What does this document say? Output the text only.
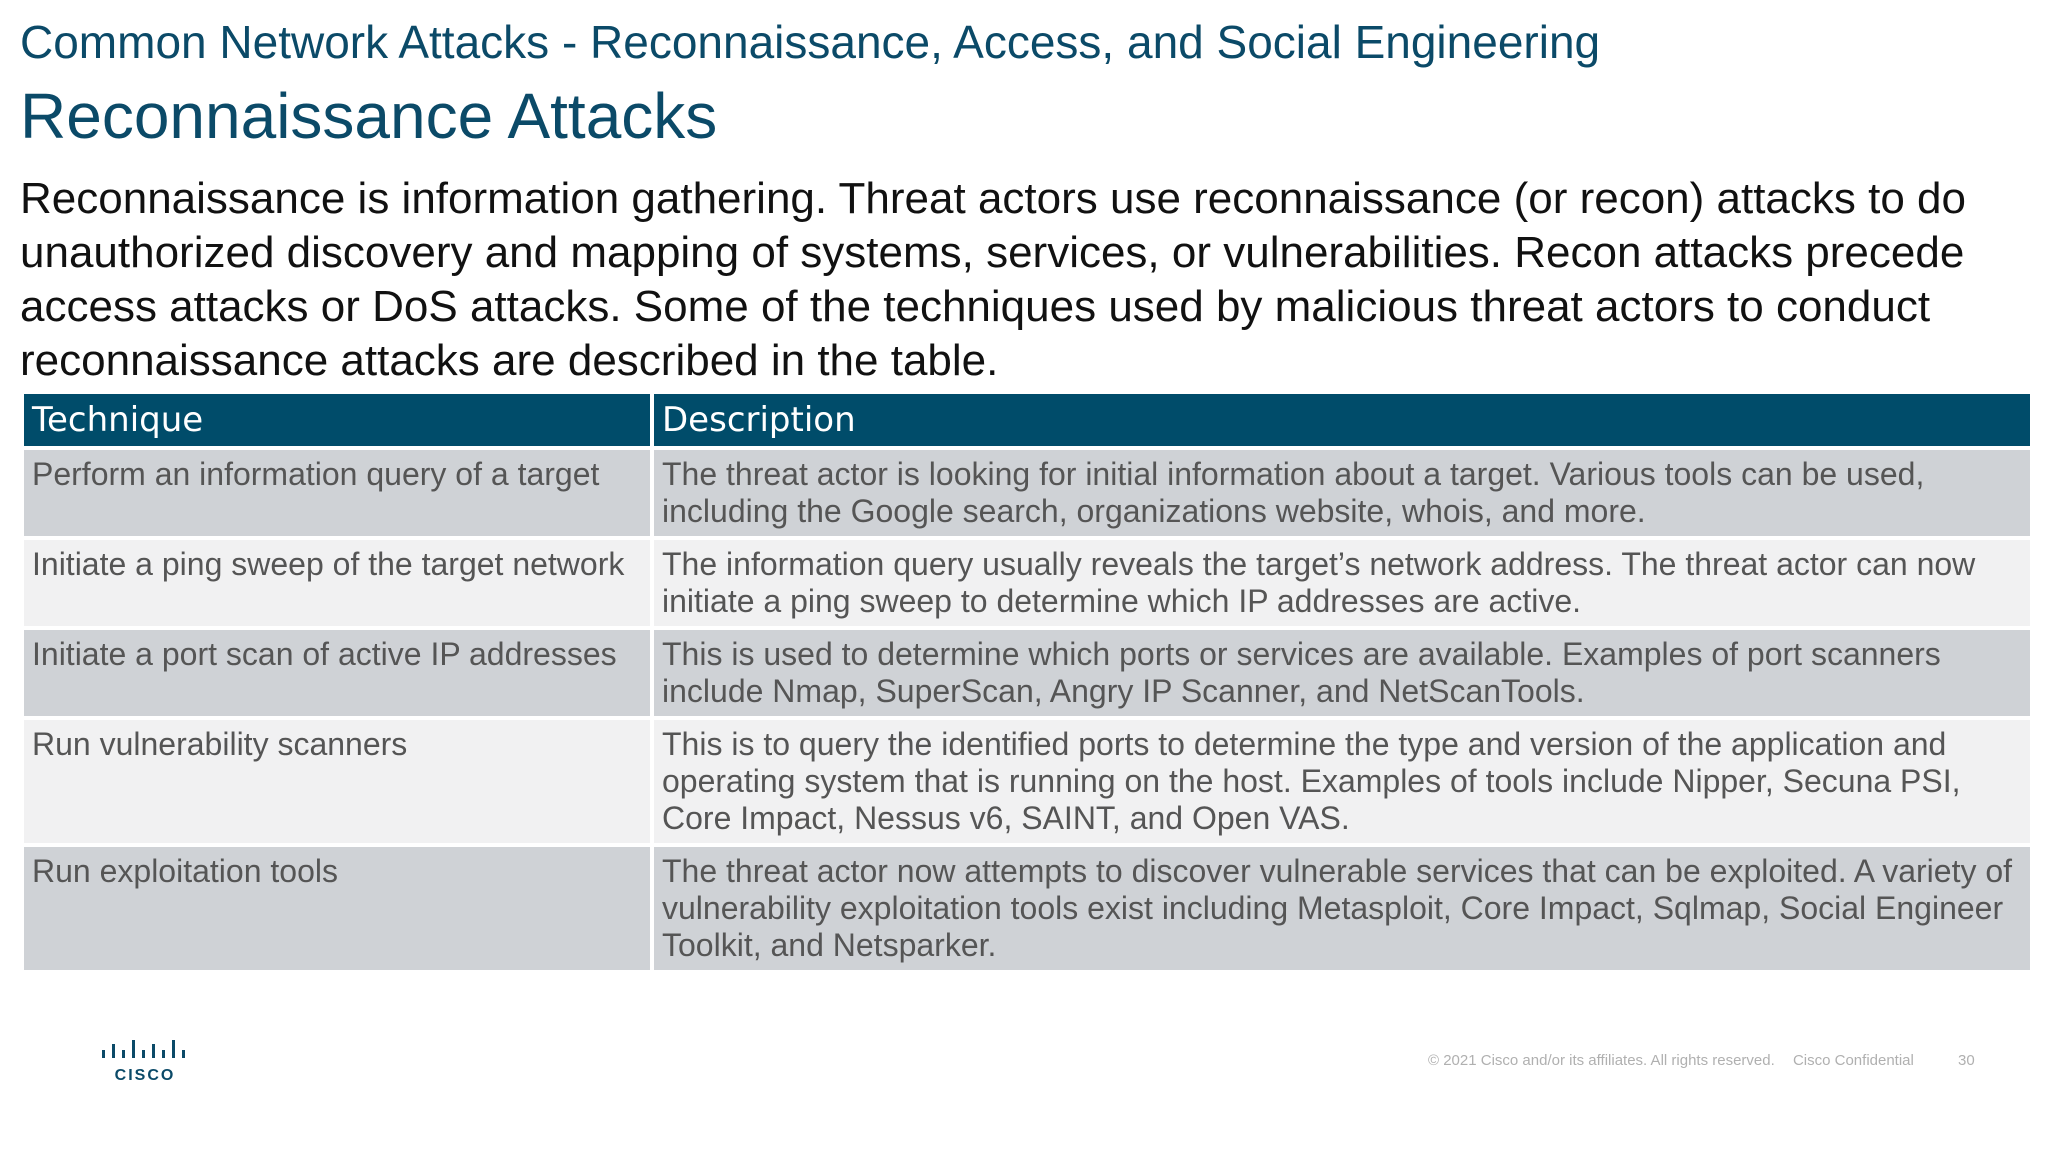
Common Network Attacks - Reconnaissance, Access, and Social Engineering
Reconnaissance Attacks
Reconnaissance is information gathering. Threat actors use reconnaissance (or recon) attacks to do unauthorized discovery and mapping of systems, services, or vulnerabilities. Recon attacks precede access attacks or DoS attacks. Some of the techniques used by malicious threat actors to conduct reconnaissance attacks are described in the table.
Technique	Description
Perform an information query of a target	The threat actor is looking for initial information about a target. Various tools can be used, including the Google search, organizations website, whois, and more.
Initiate a ping sweep of the target network	The information query usually reveals the target’s network address. The threat actor can now initiate a ping sweep to determine which IP addresses are active.
Initiate a port scan of active IP addresses	This is used to determine which ports or services are available. Examples of port scanners include Nmap, SuperScan, Angry IP Scanner, and NetScanTools.
Run vulnerability scanners	This is to query the identified ports to determine the type and version of the application and operating system that is running on the host. Examples of tools include Nipper, Secuna PSI, Core Impact, Nessus v6, SAINT, and Open VAS.
Run exploitation tools	The threat actor now attempts to discover vulnerable services that can be exploited. A variety of vulnerability exploitation tools exist including Metasploit, Core Impact, Sqlmap, Social Engineer Toolkit, and Netsparker.
CISCO
© 2021 Cisco and/or its affiliates. All rights reserved. Cisco Confidential	30
